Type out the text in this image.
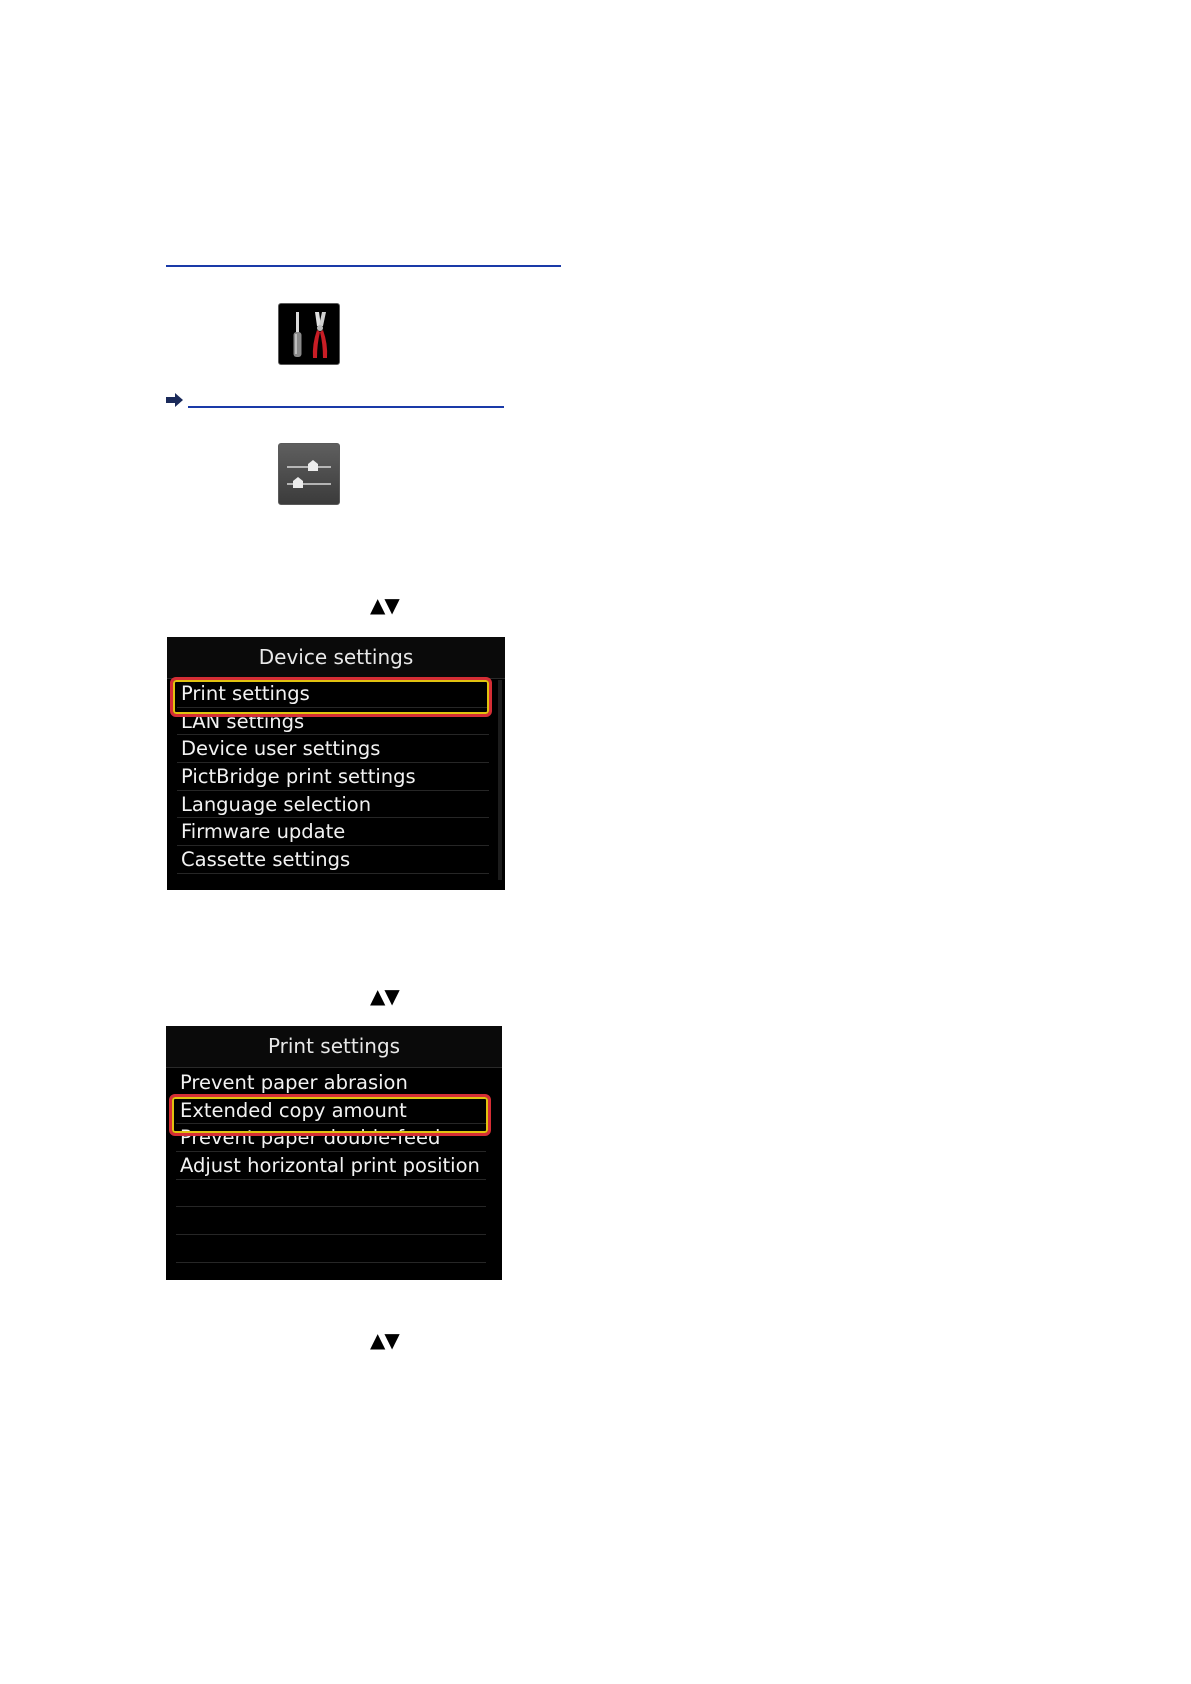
▲▼
▲▼
▲▼
Device settings
Print settings
LAN settings
Device user settings
PictBridge print settings
Language selection
Firmware update
Cassette settings
Print settings
Prevent paper abrasion
Extended copy amount
Prevent paper double-feed
Adjust horizontal print position
